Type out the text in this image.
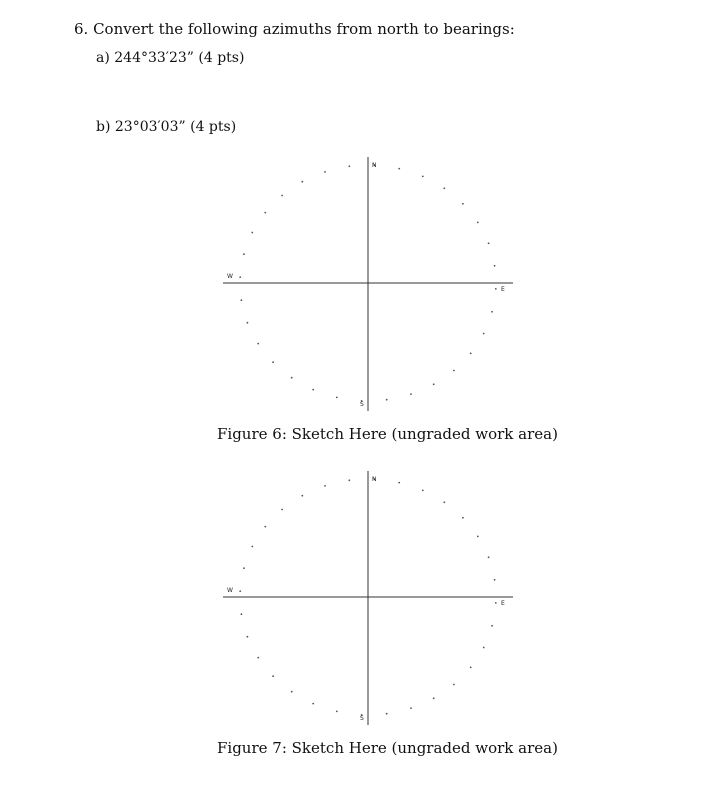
6. Convert the following azimuths from north to bearings:
a) 244°33′23” (4 pts)
b) 23°03′03” (4 pts)
N
S
E
W
Figure 6: Sketch Here (ungraded work area)
N
S
E
W
Figure 7: Sketch Here (ungraded work area)
